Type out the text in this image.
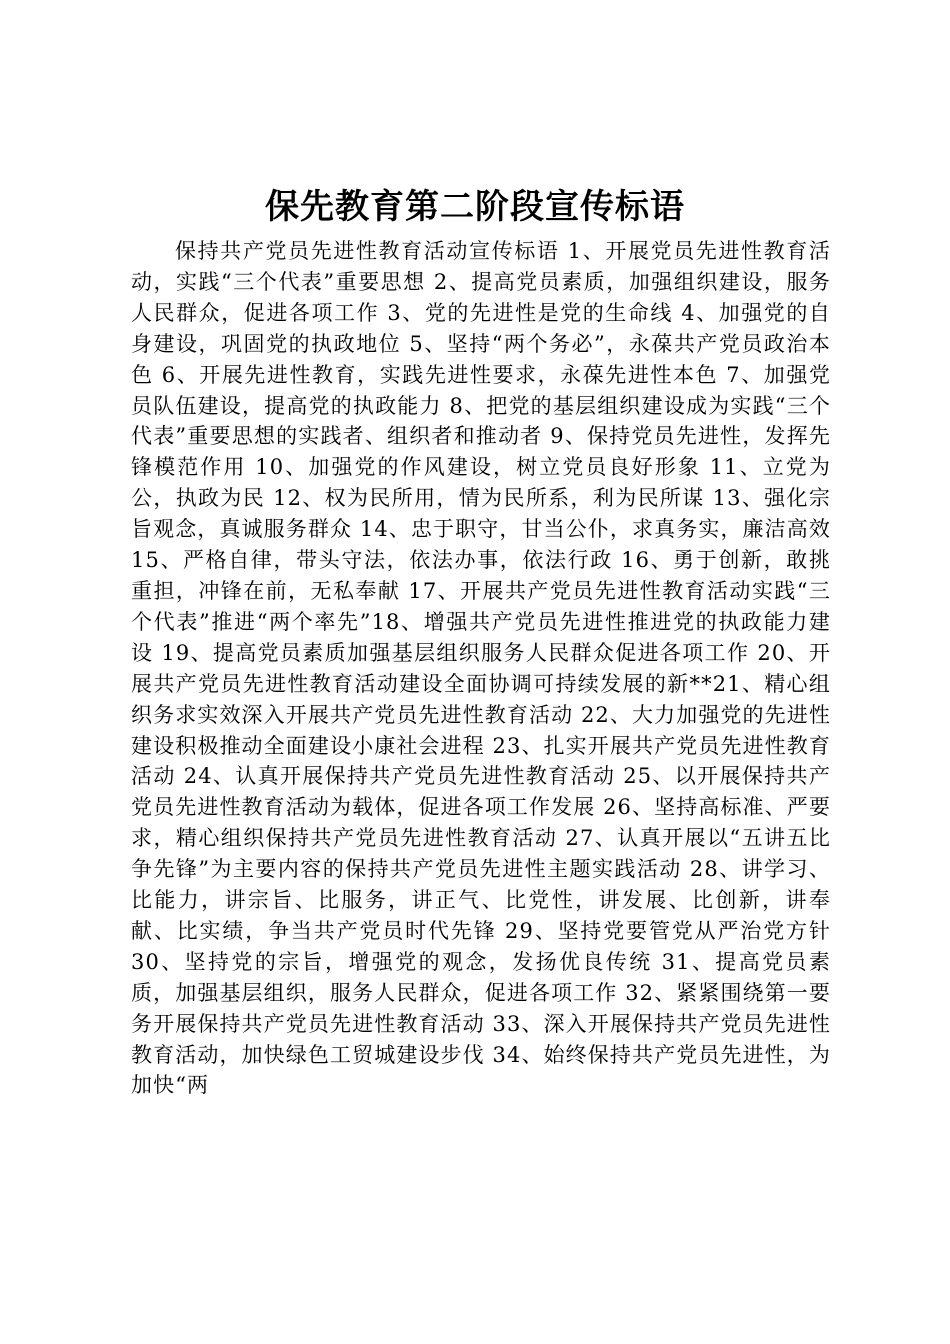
保先教育第二阶段宣传标语

保持共产党员先进性教育活动宣传标语 1、开展党员先进性教育活动，实践“三个代表”重要思想 2、提高党员素质，加强组织建设，服务人民群众，促进各项工作 3、党的先进性是党的生命线 4、加强党的自身建设，巩固党的执政地位 5、坚持“两个务必”，永葆共产党员政治本色 6、开展先进性教育，实践先进性要求，永葆先进性本色 7、加强党员队伍建设，提高党的执政能力 8、把党的基层组织建设成为实践“三个代表”重要思想的实践者、组织者和推动者 9、保持党员先进性，发挥先锋模范作用 10、加强党的作风建设，树立党员良好形象 11、立党为公，执政为民 12、权为民所用，情为民所系，利为民所谋 13、强化宗旨观念，真诚服务群众 14、忠于职守，甘当公仆，求真务实，廉洁高效 15、严格自律，带头守法，依法办事，依法行政 16、勇于创新，敢挑重担，冲锋在前，无私奉献 17、开展共产党员先进性教育活动实践“三个代表”推进“两个率先”18、增强共产党员先进性推进党的执政能力建设 19、提高党员素质加强基层组织服务人民群众促进各项工作 20、开展共产党员先进性教育活动建设全面协调可持续发展的新**21、精心组织务求实效深入开展共产党员先进性教育活动 22、大力加强党的先进性建设积极推动全面建设小康社会进程 23、扎实开展共产党员先进性教育活动 24、认真开展保持共产党员先进性教育活动 25、以开展保持共产党员先进性教育活动为载体，促进各项工作发展 26、坚持高标准、严要求，精心组织保持共产党员先进性教育活动 27、认真开展以“五讲五比争先锋”为主要内容的保持共产党员先进性主题实践活动 28、讲学习、比能力，讲宗旨、比服务，讲正气、比党性，讲发展、比创新，讲奉献、比实绩，争当共产党员时代先锋 29、坚持党要管党从严治党方针 30、坚持党的宗旨，增强党的观念，发扬优良传统 31、提高党员素质，加强基层组织，服务人民群众，促进各项工作 32、紧紧围绕第一要务开展保持共产党员先进性教育活动 33、深入开展保持共产党员先进性教育活动，加快绿色工贸城建设步伐 34、始终保持共产党员先进性，为加快“两
